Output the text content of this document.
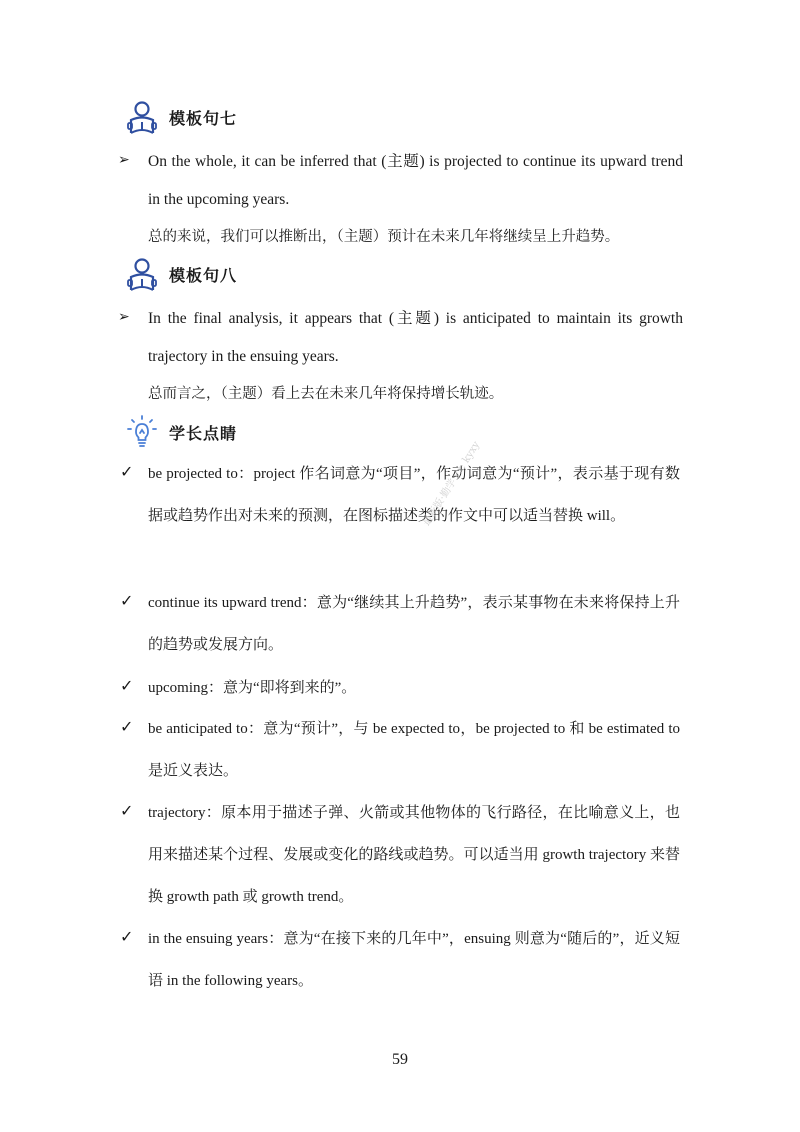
模板句七
➢ On the whole, it can be inferred that (主题) is projected to continue its upward trend in the upcoming years.
总的来说，我们可以推断出，（主题）预计在未来几年将继续呈上升趋势。
模板句八
➢ In the final analysis, it appears that (主题) is anticipated to maintain its growth trajectory in the ensuing years.
总而言之，（主题）看上去在未来几年将保持增长轨迹。
学长点睛
✓ be projected to：project 作名词意为“项目”，作动词意为“预计”，表示基于现有数据或趋势作出对未来的预测，在图标描述类的作文中可以适当替换 will。
✓ continue its upward trend：意为“继续其上升趋势”，表示某事物在未来将保持上升的趋势或发展方向。
✓ upcoming：意为“即将到来的”。
✓ be anticipated to：意为“预计”，与 be expected to，be projected to 和 be estimated to 是近义表达。
✓ trajectory：原本用于描述子弹、火箭或其他物体的飞行路径，在比喻意义上，也用来描述某个过程、发展或变化的路线或趋势。可以适当用 growth trajectory 来替换 growth path 或 growth trend。
✓ in the ensuing years：意为“在接下来的几年中”，ensuing 则意为“随后的”，近义短语 in the following years。
最新版·勤学 vx: kyxy
59
